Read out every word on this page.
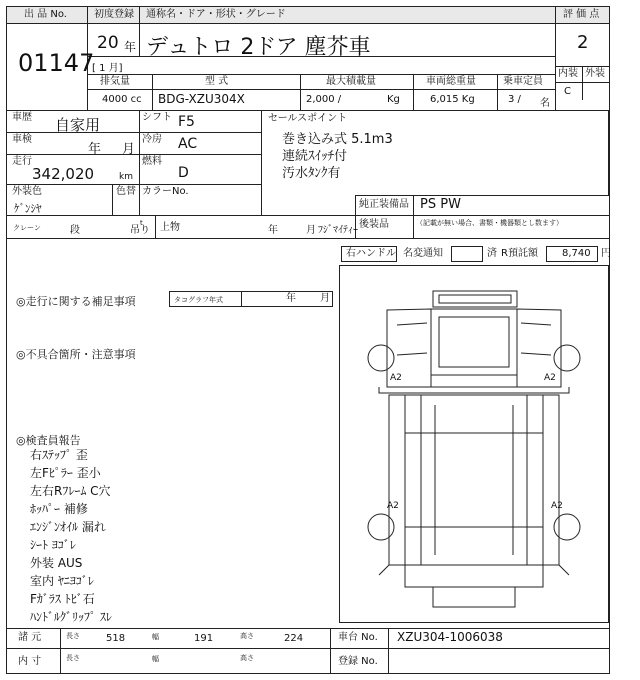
出 品 No.	初度登録 通称名・ドア・形状・グレード	評 価 点
01147
20 年
[ 1 月]
デュトロ 2ドア 塵芥車	2
内装 外装
C
排気量	型 式	最大積載量	車両総重量	乗車定員
4000 cc BDG-XZU304X	2,000 /	Kg	6,015 Kg	3 / 名
車歴 自家用	シフト F5
車検
年 月
冷房 AC
走行
342,020	km
燃料
D
外装色
ｹﾞﾝｼﾔ
色替 カラーNo.
セールスポイント
巻き込み式 5.1m3
連続ｽｲｯﾁ付
汚水ﾀﾝｸ有
純正装備品 PS PW
後装品	（記載が無い場合、書類・機器類とし数ます）
クレーン	段
t
吊り 上物	年	月 ﾌｼﾞﾏｲﾃｨｰ
右ハンドル 名変通知	済 R預託額 8,740 円
◎走行に関する補足事項	タコグラフ年式	年 月
◎不具合箇所・注意事項
◎検査員報告
右ｽﾃｯﾌﾟ 歪
左Fﾋﾟﾗｰ 歪小
左右Rﾌﾚｰﾑ C穴
ﾎｯﾊﾟｰ 補修
ｴﾝｼﾞﾝｵｲﾙ 漏れ
ｼｰﾄ ﾖｺﾞﾚ
外装 AUS
室内 ﾔﾆﾖｺﾞﾚ
Fｶﾞﾗｽ ﾄﾋﾞ石
ﾊﾝﾄﾞﾙｸﾞﾘｯﾌﾟ ｽﾚ
A2	A2
A2	A2
諸 元
内 寸
長さ	518	幅	191	高さ	224
長さ	幅	高さ
車台 No. XZU304-1006038
登録 No.
